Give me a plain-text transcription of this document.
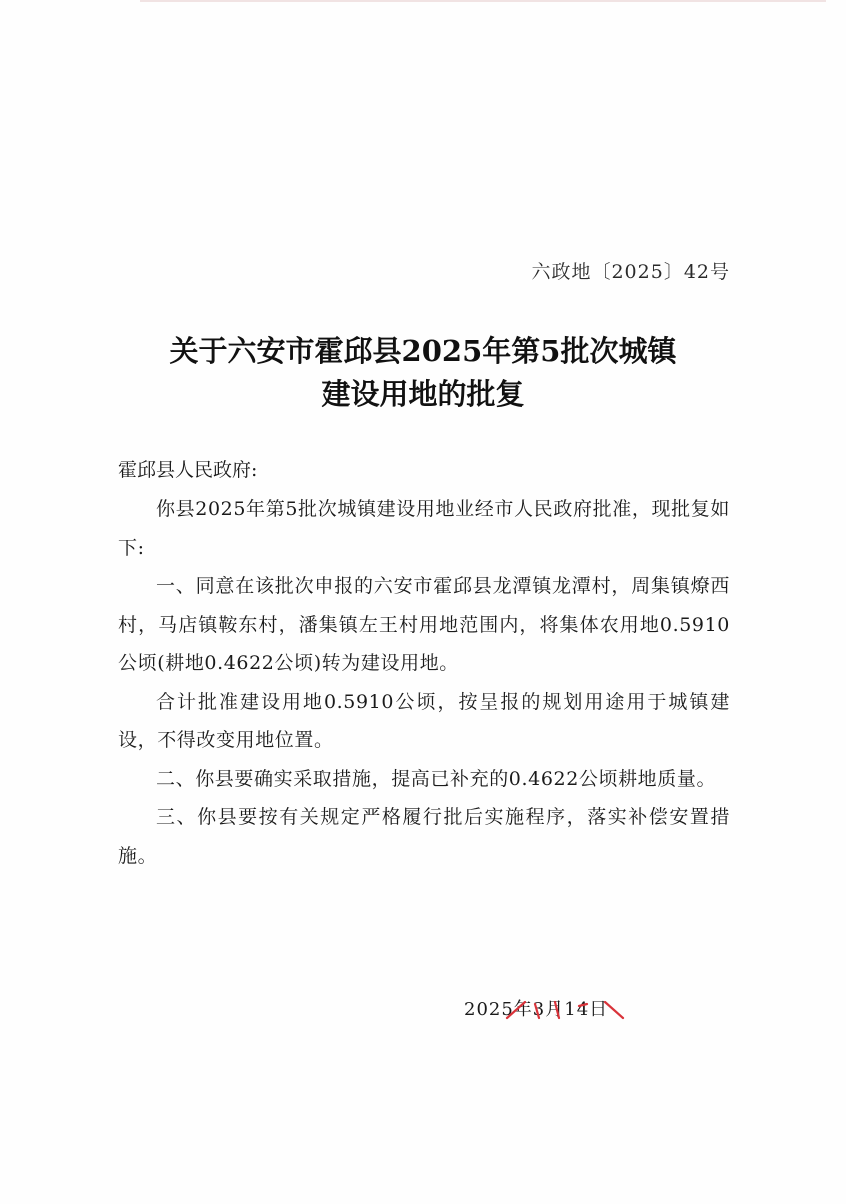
六政地〔2025〕42号
关于六安市霍邱县2025年第5批次城镇
建设用地的批复
霍邱县人民政府:

你县2025年第5批次城镇建设用地业经市人民政府批准，现批复如下:

一、同意在该批次申报的六安市霍邱县龙潭镇龙潭村，周集镇燎西村，马店镇鞍东村，潘集镇左王村用地范围内，将集体农用地0.5910公顷(耕地0.4622公顷)转为建设用地。

合计批准建设用地0.5910公顷，按呈报的规划用途用于城镇建设，不得改变用地位置。

二、你县要确实采取措施，提高已补充的0.4622公顷耕地质量。

三、你县要按有关规定严格履行批后实施程序，落实补偿安置措施。

2025年3月14日
